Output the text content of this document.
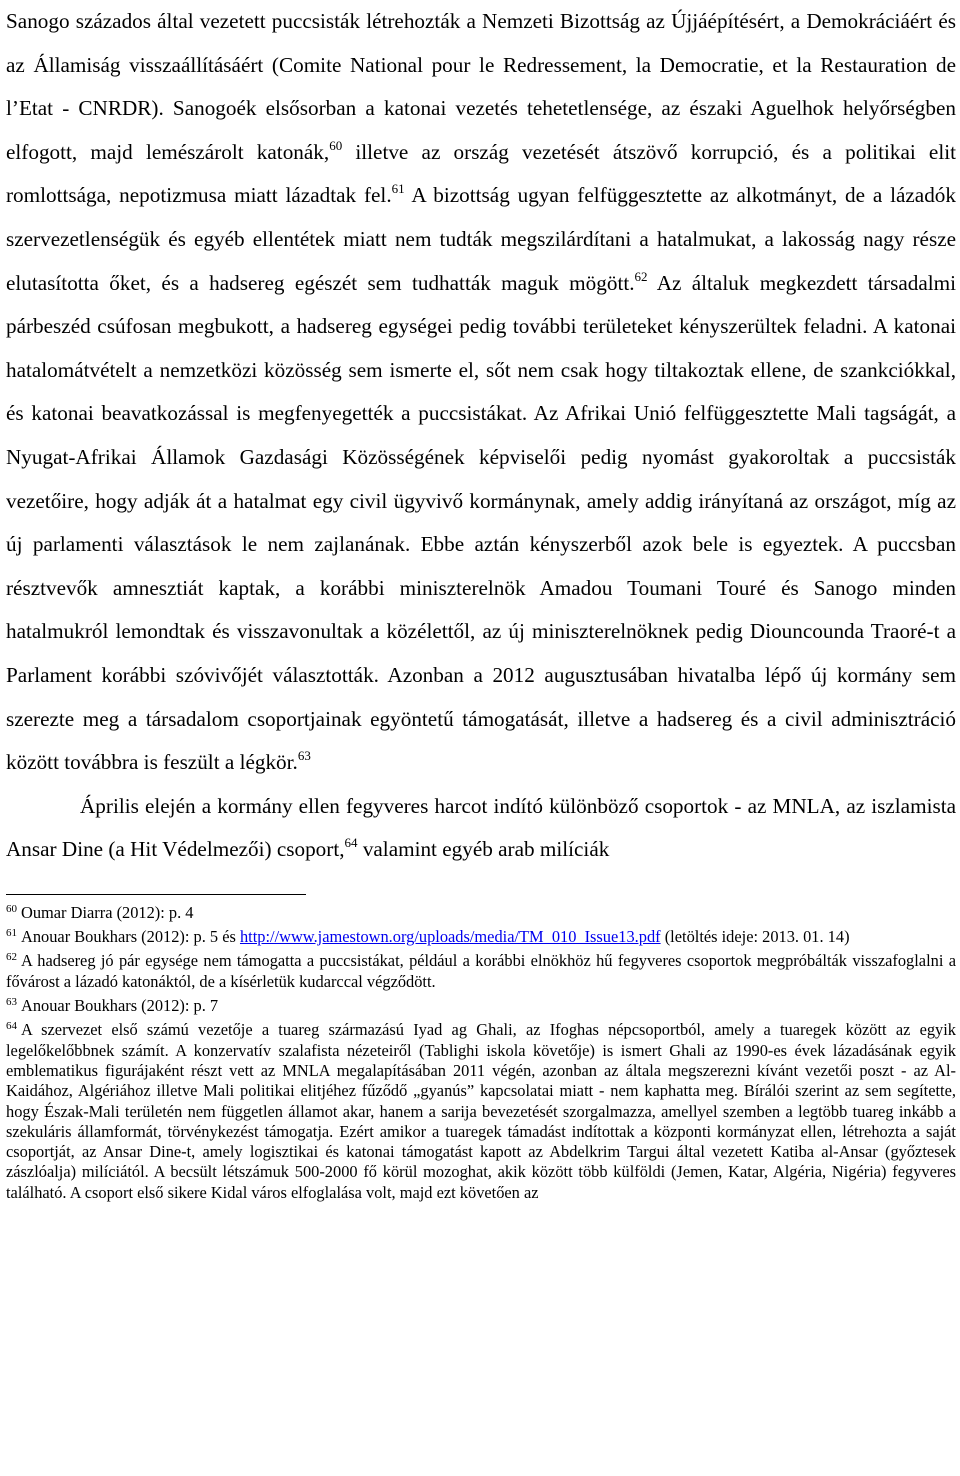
Sanogo százados által vezetett puccsisták létrehozták a Nemzeti Bizottság az Újjáépítésért, a Demokráciáért és az Államiság visszaállításáért (Comite National pour le Redressement, la Democratie, et la Restauration de l’Etat - CNRDR). Sanogoék elsősorban a katonai vezetés tehetetlensége, az északi Aguelhok helyőrségben elfogott, majd lemészárolt katonák,$^{60}$ illetve az ország vezetését átszövő korrupció, és a politikai elit romlottsága, nepotizmusa miatt lázadtak fel.$^{61}$ A bizottság ugyan felfüggesztette az alkotmányt, de a lázadók szervezetlenségük és egyéb ellentétek miatt nem tudták megszilárdítani a hatalmukat, a lakosság nagy része elutasította őket, és a hadsereg egészét sem tudhatták maguk mögött.$^{62}$ Az általuk megkezdett társadalmi párbeszéd csúfosan megbukott, a hadsereg egységei pedig további területeket kényszerültek feladni. A katonai hatalomátvételt a nemzetközi közösség sem ismerte el, sőt nem csak hogy tiltakoztak ellene, de szankciókkal, és katonai beavatkozással is megfenyegették a puccsistákat. Az Afrikai Unió felfüggesztette Mali tagságát, a Nyugat-Afrikai Államok Gazdasági Közösségének képviselői pedig nyomást gyakoroltak a puccsisták vezetőire, hogy adják át a hatalmat egy civil ügyvivő kormánynak, amely addig irányítaná az országot, míg az új parlamenti választások le nem zajlanának. Ebbe aztán kényszerből azok bele is egyeztek. A puccsban résztvevők amnesztiát kaptak, a korábbi miniszterelnök Amadou Toumani Touré és Sanogo minden hatalmukról lemondtak és visszavonultak a közélettől, az új miniszterelnöknek pedig Diouncounda Traoré-t a Parlament korábbi szóvivőjét választották. Azonban a 2012 augusztusában hivatalba lépő új kormány sem szerezte meg a társadalom csoportjainak egyöntetű támogatását, illetve a hadsereg és a civil adminisztráció között továbbra is feszült a légkör.$^{63}$

Április elején a kormány ellen fegyveres harcot indító különböző csoportok - az MNLA, az iszlamista Ansar Dine (a Hit Védelmezői) csoport,$^{64}$ valamint egyéb arab milíciák

$^{60}$ Oumar Diarra (2012): p. 4

$^{61}$ Anouar Boukhars (2012): p. 5 és http://www.jamestown.org/uploads/media/TM_010_Issue13.pdf (letöltés ideje: 2013. 01. 14)

$^{62}$ A hadsereg jó pár egysége nem támogatta a puccsistákat, például a korábbi elnökhöz hű fegyveres csoportok megpróbálták visszafoglalni a fővárost a lázadó katonáktól, de a kísérletük kudarccal végződött.

$^{63}$ Anouar Boukhars (2012): p. 7

$^{64}$ A szervezet első számú vezetője a tuareg származású Iyad ag Ghali, az Ifoghas népcsoportból, amely a tuaregek között az egyik legelőkelőbbnek számít. A konzervatív szalafista nézeteiről (Tablighi iskola követője) is ismert Ghali az 1990-es évek lázadásának egyik emblematikus figurájaként részt vett az MNLA megalapításában 2011 végén, azonban az általa megszerezni kívánt vezetői poszt - az Al-Kaidához, Algériához illetve Mali politikai elitjéhez fűződő „gyanús” kapcsolatai miatt - nem kaphatta meg. Bírálói szerint az sem segítette, hogy Észak-Mali területén nem független államot akar, hanem a sarija bevezetését szorgalmazza, amellyel szemben a legtöbb tuareg inkább a szekuláris államformát, törvénykezést támogatja. Ezért amikor a tuaregek támadást indítottak a központi kormányzat ellen, létrehozta a saját csoportját, az Ansar Dine-t, amely logisztikai és katonai támogatást kapott az Abdelkrim Targui által vezetett Katiba al-Ansar (győztesek zászlóalja) milíciától. A becsült létszámuk 500-2000 fő körül mozoghat, akik között több külföldi (Jemen, Katar, Algéria, Nigéria) fegyveres található. A csoport első sikere Kidal város elfoglalása volt, majd ezt követően az
